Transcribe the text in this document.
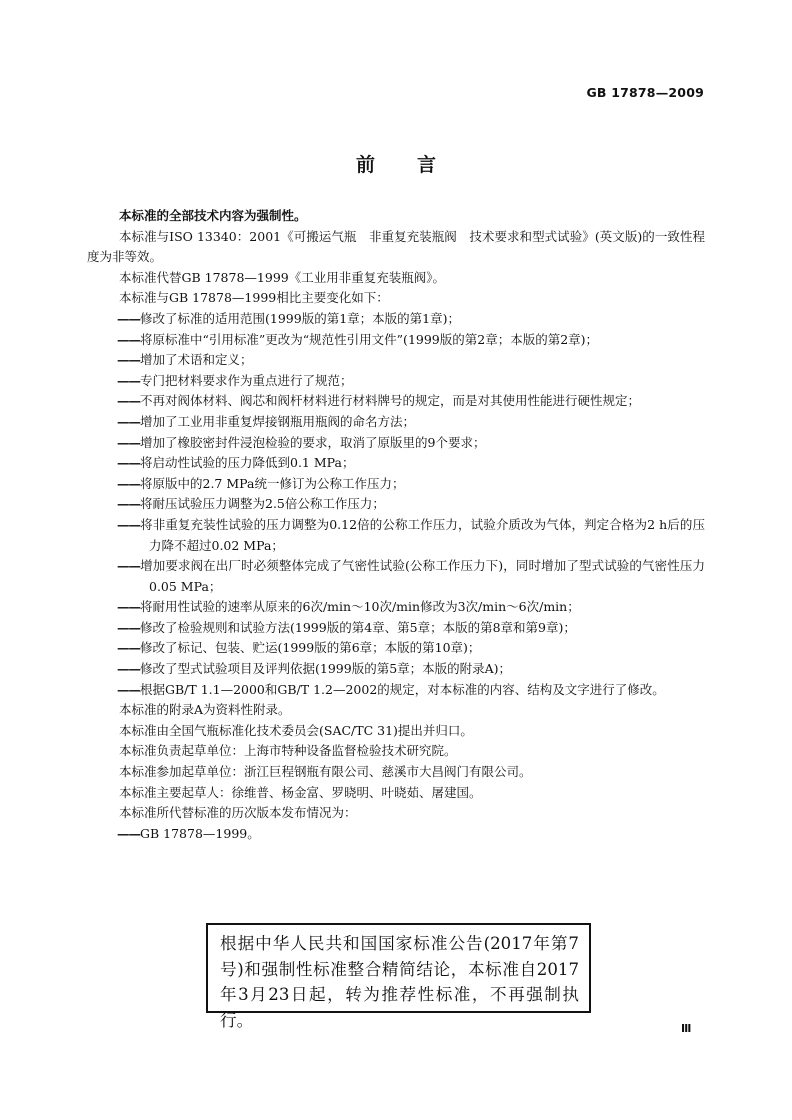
GB 17878—2009
前言

本标准的全部技术内容为强制性。

本标准与ISO 13340：2001《可搬运气瓶　非重复充装瓶阀　技术要求和型式试验》(英文版)的一致性程度为非等效。

本标准代替GB 17878—1999《工业用非重复充装瓶阀》。

本标准与GB 17878—1999相比主要变化如下：

——修改了标准的适用范围(1999版的第1章；本版的第1章)；

——将原标准中“引用标准”更改为“规范性引用文件”(1999版的第2章；本版的第2章)；

——增加了术语和定义；

——专门把材料要求作为重点进行了规范；

——不再对阀体材料、阀芯和阀杆材料进行材料牌号的规定，而是对其使用性能进行硬性规定；

——增加了工业用非重复焊接钢瓶用瓶阀的命名方法；

——增加了橡胶密封件浸泡检验的要求，取消了原版里的9个要求；

——将启动性试验的压力降低到0.1 MPa；

——将原版中的2.7 MPa统一修订为公称工作压力；

——将耐压试验压力调整为2.5倍公称工作压力；

——将非重复充装性试验的压力调整为0.12倍的公称工作压力，试验介质改为气体，判定合格为2 h后的压力降不超过0.02 MPa；

——增加要求阀在出厂时必须整体完成了气密性试验(公称工作压力下)，同时增加了型式试验的气密性压力0.05 MPa；

——将耐用性试验的速率从原来的6次/min～10次/min修改为3次/min～6次/min；

——修改了检验规则和试验方法(1999版的第4章、第5章；本版的第8章和第9章)；

——修改了标记、包装、贮运(1999版的第6章；本版的第10章)；

——修改了型式试验项目及评判依据(1999版的第5章；本版的附录A)；

——根据GB/T 1.1—2000和GB/T 1.2—2002的规定，对本标准的内容、结构及文字进行了修改。

本标准的附录A为资料性附录。

本标准由全国气瓶标准化技术委员会(SAC/TC 31)提出并归口。

本标准负责起草单位：上海市特种设备监督检验技术研究院。

本标准参加起草单位：浙江巨程钢瓶有限公司、慈溪市大昌阀门有限公司。

本标准主要起草人：徐维普、杨金富、罗晓明、叶晓茹、屠建国。

本标准所代替标准的历次版本发布情况为：

——GB 17878—1999。

根据中华人民共和国国家标准公告(2017年第7号)和强制性标准整合精简结论，本标准自2017年3月23日起，转为推荐性标准，不再强制执行。	Ⅲ
